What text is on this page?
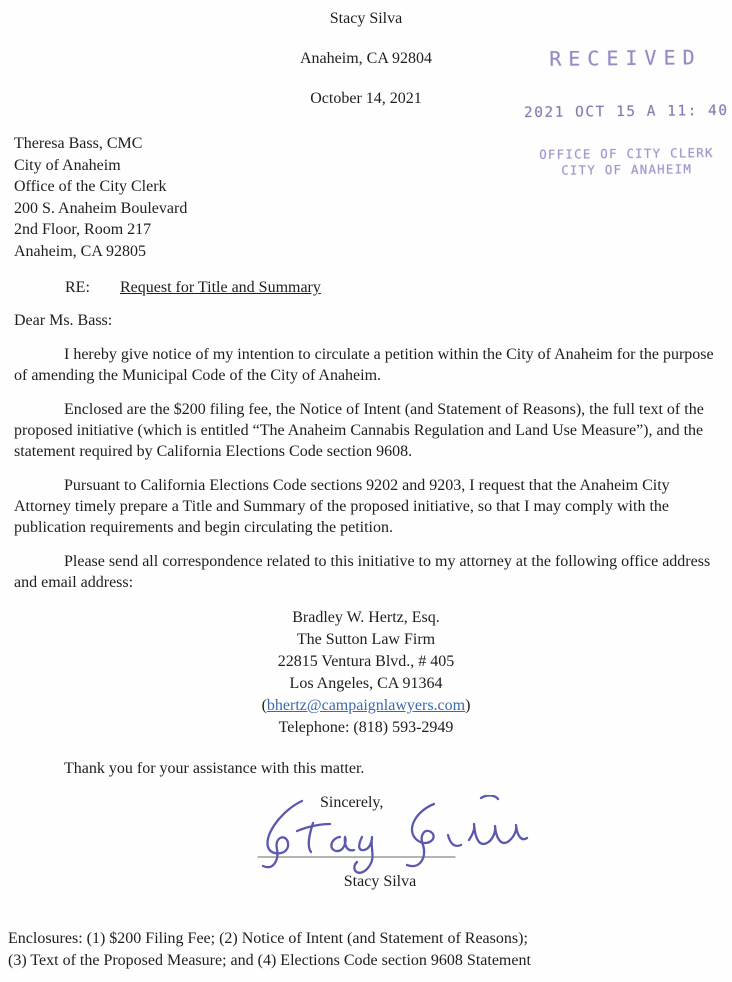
RECEIVED
2021 OCT 15 A 11: 40
OFFICE OF CITY CLERK
CITY OF ANAHEIM
Stacy Silva
Anaheim, CA 92804
October 14, 2021
Theresa Bass, CMC
City of Anaheim
Office of the City Clerk
200 S. Anaheim Boulevard
2nd Floor, Room 217
Anaheim, CA 92805
RE: Request for Title and Summary
Dear Ms. Bass:
I hereby give notice of my intention to circulate a petition within the City of Anaheim for the purpose of amending the Municipal Code of the City of Anaheim.
Enclosed are the $200 filing fee, the Notice of Intent (and Statement of Reasons), the full text of the proposed initiative (which is entitled “The Anaheim Cannabis Regulation and Land Use Measure”), and the statement required by California Elections Code section 9608.
Pursuant to California Elections Code sections 9202 and 9203, I request that the Anaheim City Attorney timely prepare a Title and Summary of the proposed initiative, so that I may comply with the publication requirements and begin circulating the petition.
Please send all correspondence related to this initiative to my attorney at the following office address and email address:
Bradley W. Hertz, Esq.
The Sutton Law Firm
22815 Ventura Blvd., # 405
Los Angeles, CA 91364
(bhertz@campaignlawyers.com)
Telephone: (818) 593-2949
Thank you for your assistance with this matter.
Sincerely,
Stacy Silva
Enclosures: (1) $200 Filing Fee; (2) Notice of Intent (and Statement of Reasons);
(3) Text of the Proposed Measure; and (4) Elections Code section 9608 Statement
